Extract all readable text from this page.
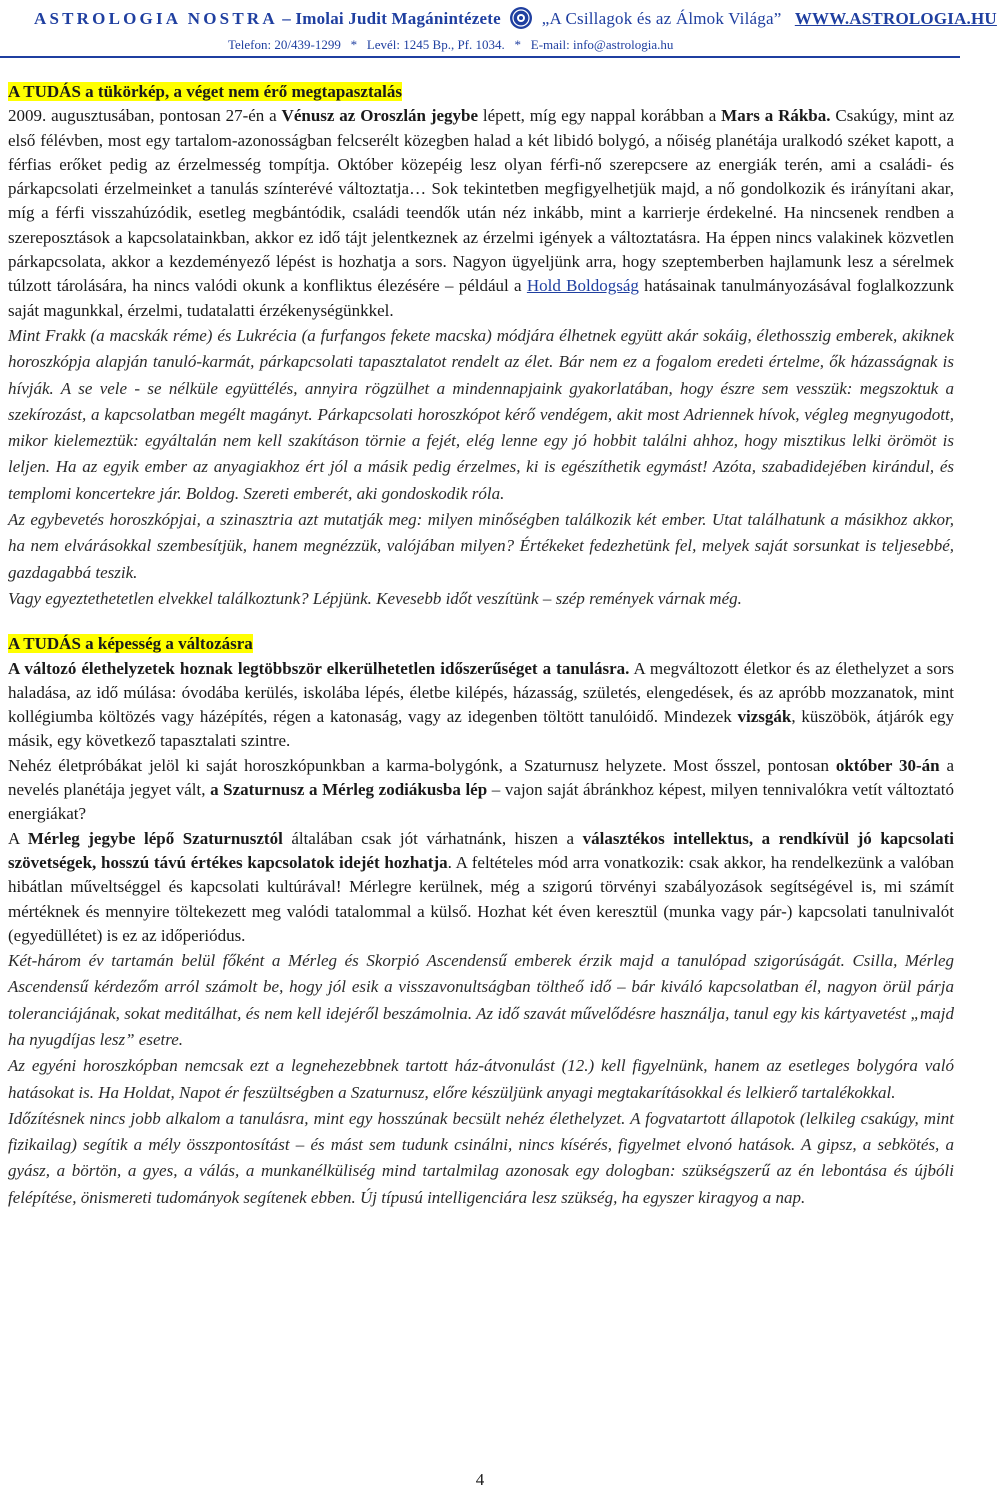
ASTROLOGIA NOSTRA – Imolai Judit Magánintézete „A Csillagok és az Álmok Világa” WWW.ASTROLOGIA.HU
Telefon: 20/439-1299   *   Levél: 1245 Bp., Pf. 1034.   *   E-mail: info@astrologia.hu
A TUDÁS a tükörkép, a véget nem érő megtapasztalás

2009. augusztusában, pontosan 27-én a Vénusz az Oroszlán jegybe lépett, míg egy nappal korábban a Mars a Rákba. Csakúgy, mint az első félévben, most egy tartalom-azonosságban felcserélt közegben halad a két libidó bolygó, a nőiség planétája uralkodó széket kapott, a férfias erőket pedig az érzelmesség tompítja. Október közepéig lesz olyan férfi-nő szerepcsere az energiák terén, ami a családi- és párkapcsolati érzelmeinket a tanulás színterévé változtatja… Sok tekintetben megfigyelhetjük majd, a nő gondolkozik és irányítani akar, míg a férfi visszahúzódik, esetleg megbántódik, családi teendők után néz inkább, mint a karrierje érdekelné. Ha nincsenek rendben a szereposztások a kapcsolatainkban, akkor ez idő tájt jelentkeznek az érzelmi igények a változtatásra. Ha éppen nincs valakinek közvetlen párkapcsolata, akkor a kezdeményező lépést is hozhatja a sors. Nagyon ügyeljünk arra, hogy szeptemberben hajlamunk lesz a sérelmek túlzott tárolására, ha nincs valódi okunk a konfliktus élezésére – például a Hold Boldogság hatásainak tanulmányozásával foglalkozzunk saját magunkkal, érzelmi, tudatalatti érzékenységünkkel.

Mint Frakk (a macskák réme) és Lukrécia (a furfangos fekete macska) módjára élhetnek együtt akár sokáig, élethosszig emberek, akiknek horoszkópja alapján tanuló-karmát, párkapcsolati tapasztalatot rendelt az élet. Bár nem ez a fogalom eredeti értelme, ők házasságnak is hívják. A se vele - se nélküle együttélés, annyira rögzülhet a mindennapjaink gyakorlatában, hogy észre sem vesszük: megszoktuk a szekírozást, a kapcsolatban megélt magányt. Párkapcsolati horoszkópot kérő vendégem, akit most Adriennek hívok, végleg megnyugodott, mikor kielemeztük: egyáltalán nem kell szakításon törnie a fejét, elég lenne egy jó hobbit találni ahhoz, hogy misztikus lelki örömöt is leljen. Ha az egyik ember az anyagiakhoz ért jól a másik pedig érzelmes, ki is egészíthetik egymást! Azóta, szabadidejében kirándul, és templomi koncertekre jár. Boldog. Szereti emberét, aki gondoskodik róla.

Az egybevetés horoszkópjai, a szinasztria azt mutatják meg: milyen minőségben találkozik két ember. Utat találhatunk a másikhoz akkor, ha nem elvárásokkal szembesítjük, hanem megnézzük, valójában milyen? Értékeket fedezhetünk fel, melyek saját sorsunkat is teljesebbé, gazdagabbá teszik.

Vagy egyeztethetetlen elvekkel találkoztunk? Lépjünk. Kevesebb időt veszítünk – szép remények várnak még.

A TUDÁS a képesség a változásra

A változó élethelyzetek hoznak legtöbbször elkerülhetetlen időszerűséget a tanulásra. A megváltozott életkor és az élethelyzet a sors haladása, az idő múlása: óvodába kerülés, iskolába lépés, életbe kilépés, házasság, születés, elengedések, és az apróbb mozzanatok, mint kollégiumba költözés vagy házépítés, régen a katonaság, vagy az idegenben töltött tanulóidő. Mindezek vizsgák, küszöbök, átjárók egy másik, egy következő tapasztalati szintre.

Nehéz életpróbákat jelöl ki saját horoszkópunkban a karma-bolygónk, a Szaturnusz helyzete. Most ősszel, pontosan október 30-án a nevelés planétája jegyet vált, a Szaturnusz a Mérleg zodiákusba lép – vajon saját ábránkhoz képest, milyen tennivalókra vetít változtató energiákat?

A Mérleg jegybe lépő Szaturnusztól általában csak jót várhatnánk, hiszen a választékos intellektus, a rendkívül jó kapcsolati szövetségek, hosszú távú értékes kapcsolatok idejét hozhatja. A feltételes mód arra vonatkozik: csak akkor, ha rendelkezünk a valóban hibátlan műveltséggel és kapcsolati kultúrával! Mérlegre kerülnek, még a szigorú törvényi szabályozások segítségével is, mi számít mértéknek és mennyire töltekezett meg valódi tatalommal a külső. Hozhat két éven keresztül (munka vagy pár-) kapcsolati tanulnivalót (egyedüllétet) is ez az időperiódus.

Két-három év tartamán belül főként a Mérleg és Skorpió Ascendensű emberek érzik majd a tanulópad szigorúságát. Csilla, Mérleg Ascendensű kérdezőm arról számolt be, hogy jól esik a visszavonultságban töltheő idő – bár kiváló kapcsolatban él, nagyon örül párja toleranciájának, sokat meditálhat, és nem kell idejéről beszámolnia. Az idő szavát művelődésre használja, tanul egy kis kártyavetést „majd ha nyugdíjas lesz” esetre.

Az egyéni horoszkópban nemcsak ezt a legnehezebbnek tartott ház-átvonulást (12.) kell figyelnünk, hanem az esetleges bolygóra való hatásokat is. Ha Holdat, Napot ér feszültségben a Szaturnusz, előre készüljünk anyagi megtakarításokkal és lelkierő tartalékokkal.

Időzítésnek nincs jobb alkalom a tanulásra, mint egy hosszúnak becsült nehéz élethelyzet. A fogvatartott állapotok (lelkileg csakúgy, mint fizikailag) segítik a mély összpontosítást – és mást sem tudunk csinálni, nincs kísérés, figyelmet elvonó hatások. A gipsz, a sebkötés, a gyász, a börtön, a gyes, a válás, a munkanélküliség mind tartalmilag azonosak egy dologban: szükségszerű az én lebontása és újbóli felépítése, önismereti tudományok segítenek ebben. Új típusú intelligenciára lesz szükség, ha egyszer kiragyog a nap.

4
